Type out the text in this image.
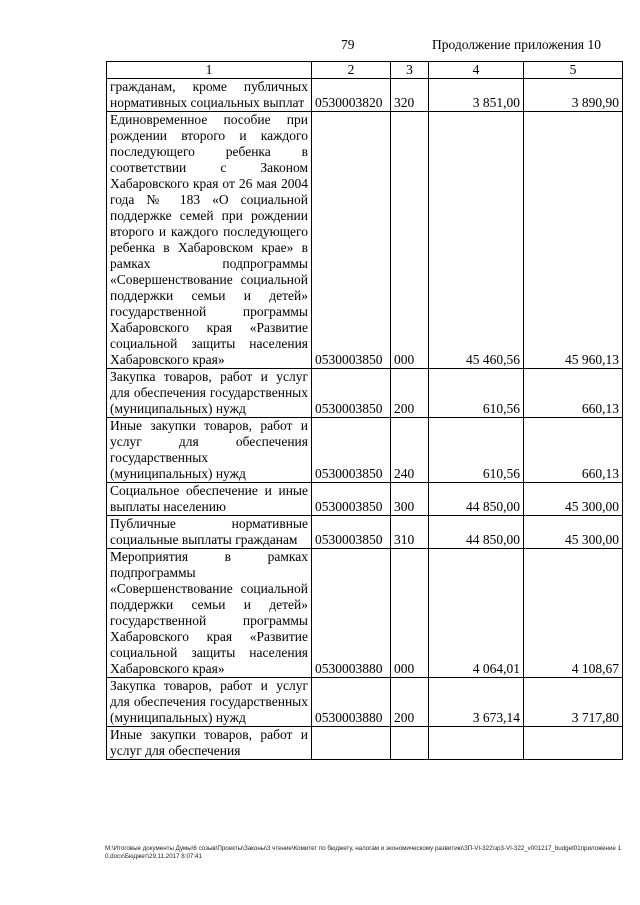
79	Продолжение приложения 10
1	2	3	4	5
гражданам, кроме публичных нормативных социальных выплат	0530003820	320	3 851,00	3 890,90
Единовременное пособие при рождении второго и каждого последующего ребенка в соответствии с Законом Хабаровского края от 26 мая 2004 года № 183 «О социальной поддержке семей при рождении второго и каждого последующего ребенка в Хабаровском крае» в рамках подпрограммы «Совершенствование социальной поддержки семьи и детей» государственной программы Хабаровского края «Развитие социальной защиты населения Хабаровского края»	0530003850	000	45 460,56	45 960,13
Закупка товаров, работ и услуг для обеспечения государственных (муниципальных) нужд	0530003850	200	610,56	660,13
Иные закупки товаров, работ и услуг для обеспечения государственных (муниципальных) нужд	0530003850	240	610,56	660,13
Социальное обеспечение и иные выплаты населению	0530003850	300	44 850,00	45 300,00
Публичные нормативные социальные выплаты гражданам	0530003850	310	44 850,00	45 300,00
Мероприятия в рамках подпрограммы «Совершенствование социальной поддержки семьи и детей» государственной программы Хабаровского края «Развитие социальной защиты населения Хабаровского края»	0530003880	000	4 064,01	4 108,67
Закупка товаров, работ и услуг для обеспечения государственных (муниципальных) нужд	0530003880	200	3 673,14	3 717,80
Иные закупки товаров, работ и услуг для обеспечения				
М:\Итоговые документы Думы\6 созыв\Проекты\Законы\3 чтение\Комитет по бюджету, налогам и экономическому развитию\ЗП-VI-322\зр3-VI-322_v001217_budget01приложение 10.docx\Бюджет\29.11.2017 8:07:41
